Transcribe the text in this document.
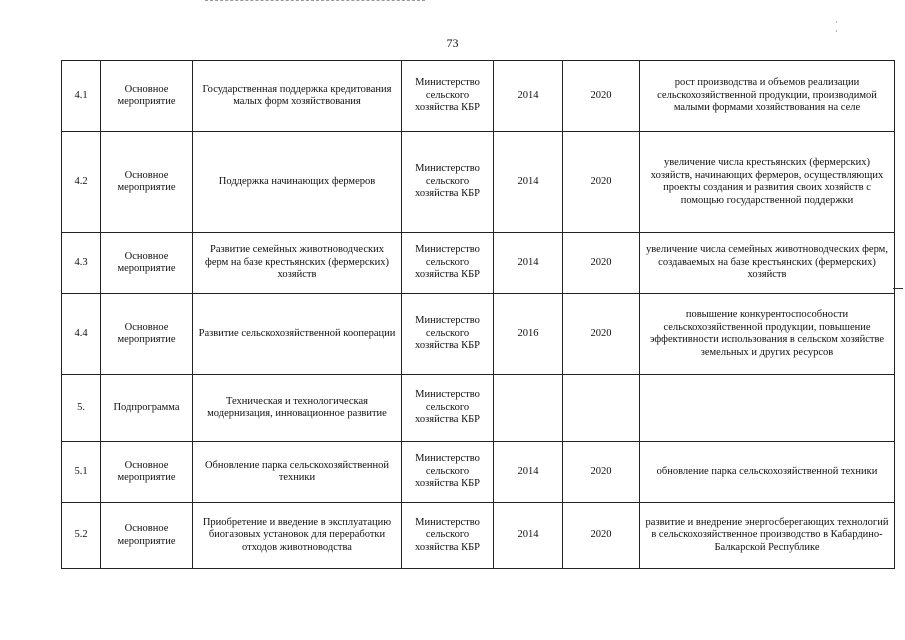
· ·
73
4.1	Основное мероприятие	Государственная поддержка кредитования малых форм хозяйствования	Министерство сельского хозяйства КБР	2014	2020	рост производства и объемов реализации сельскохозяйственной продукции, производимой малыми формами хозяйствования на селе
4.2	Основное мероприятие	Поддержка начинающих фермеров	Министерство сельского хозяйства КБР	2014	2020	увеличение числа крестьянских (фермерских) хозяйств, начинающих фермеров, осуществляющих проекты создания и развития своих хозяйств с помощью государственной поддержки
4.3	Основное мероприятие	Развитие семейных животноводческих ферм на базе крестьянских (фермерских) хозяйств	Министерство сельского хозяйства КБР	2014	2020	увеличение числа семейных животноводческих ферм, создаваемых на базе крестьянских (фермерских) хозяйств
4.4	Основное мероприятие	Развитие сельскохозяйственной кооперации	Министерство сельского хозяйства КБР	2016	2020	повышение конкурентоспособности сельскохозяйственной продукции, повышение эффективности использования в сельском хозяйстве земельных и других ресурсов
5.	Подпрограмма	Техническая и технологическая модернизация, инновационное развитие	Министерство сельского хозяйства КБР			
5.1	Основное мероприятие	Обновление парка сельскохозяйственной техники	Министерство сельского хозяйства КБР	2014	2020	обновление парка сельскохозяйственной техники
5.2	Основное мероприятие	Приобретение и введение в эксплуатацию биогазовых установок для переработки отходов животноводства	Министерство сельского хозяйства КБР	2014	2020	развитие и внедрение энергосберегающих технологий в сельскохозяйственное производство в Кабардино-Балкарской Республике
